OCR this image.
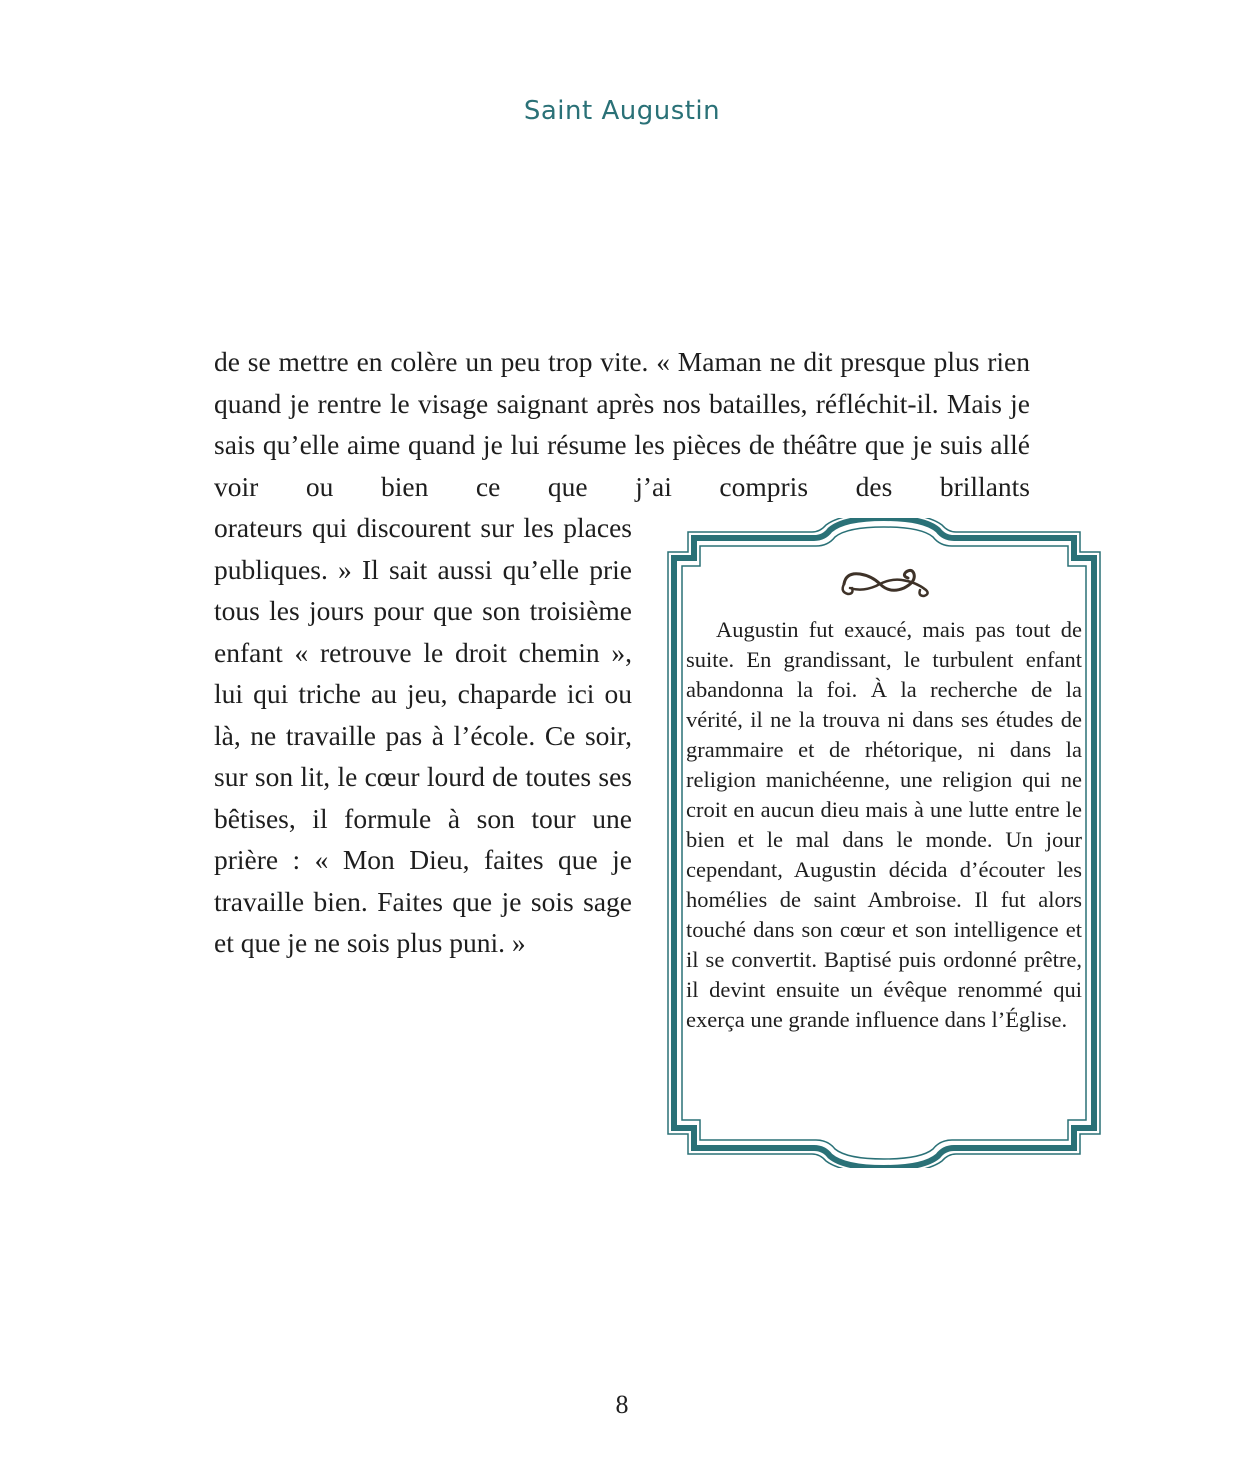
Saint Augustin

de se mettre en colère un peu trop vite. « Maman ne dit presque plus rien quand je rentre le visage saignant après nos batailles, réfléchit-il. Mais je sais qu’elle aime quand je lui résume les pièces de théâtre que je suis allé voir ou bien ce que j’ai compris des brillants

orateurs qui discourent sur les places publiques. » Il sait aussi qu’elle prie tous les jours pour que son troisième enfant « retrouve le droit chemin », lui qui triche au jeu, chaparde ici ou là, ne travaille pas à l’école. Ce soir, sur son lit, le cœur lourd de toutes ses bêtises, il formule à son tour une prière : « Mon Dieu, faites que je travaille bien. Faites que je sois sage et que je ne sois plus puni. »

Augustin fut exaucé, mais pas tout de suite. En grandissant, le turbulent enfant abandonna la foi. À la recherche de la vérité, il ne la trouva ni dans ses études de grammaire et de rhétorique, ni dans la religion manichéenne, une religion qui ne croit en aucun dieu mais à une lutte entre le bien et le mal dans le monde. Un jour cependant, Augustin décida d’écouter les homélies de saint Ambroise. Il fut alors touché dans son cœur et son intelligence et il se convertit. Baptisé puis ordonné prêtre, il devint ensuite un évêque renommé qui exerça une grande influence dans l’Église.

8
